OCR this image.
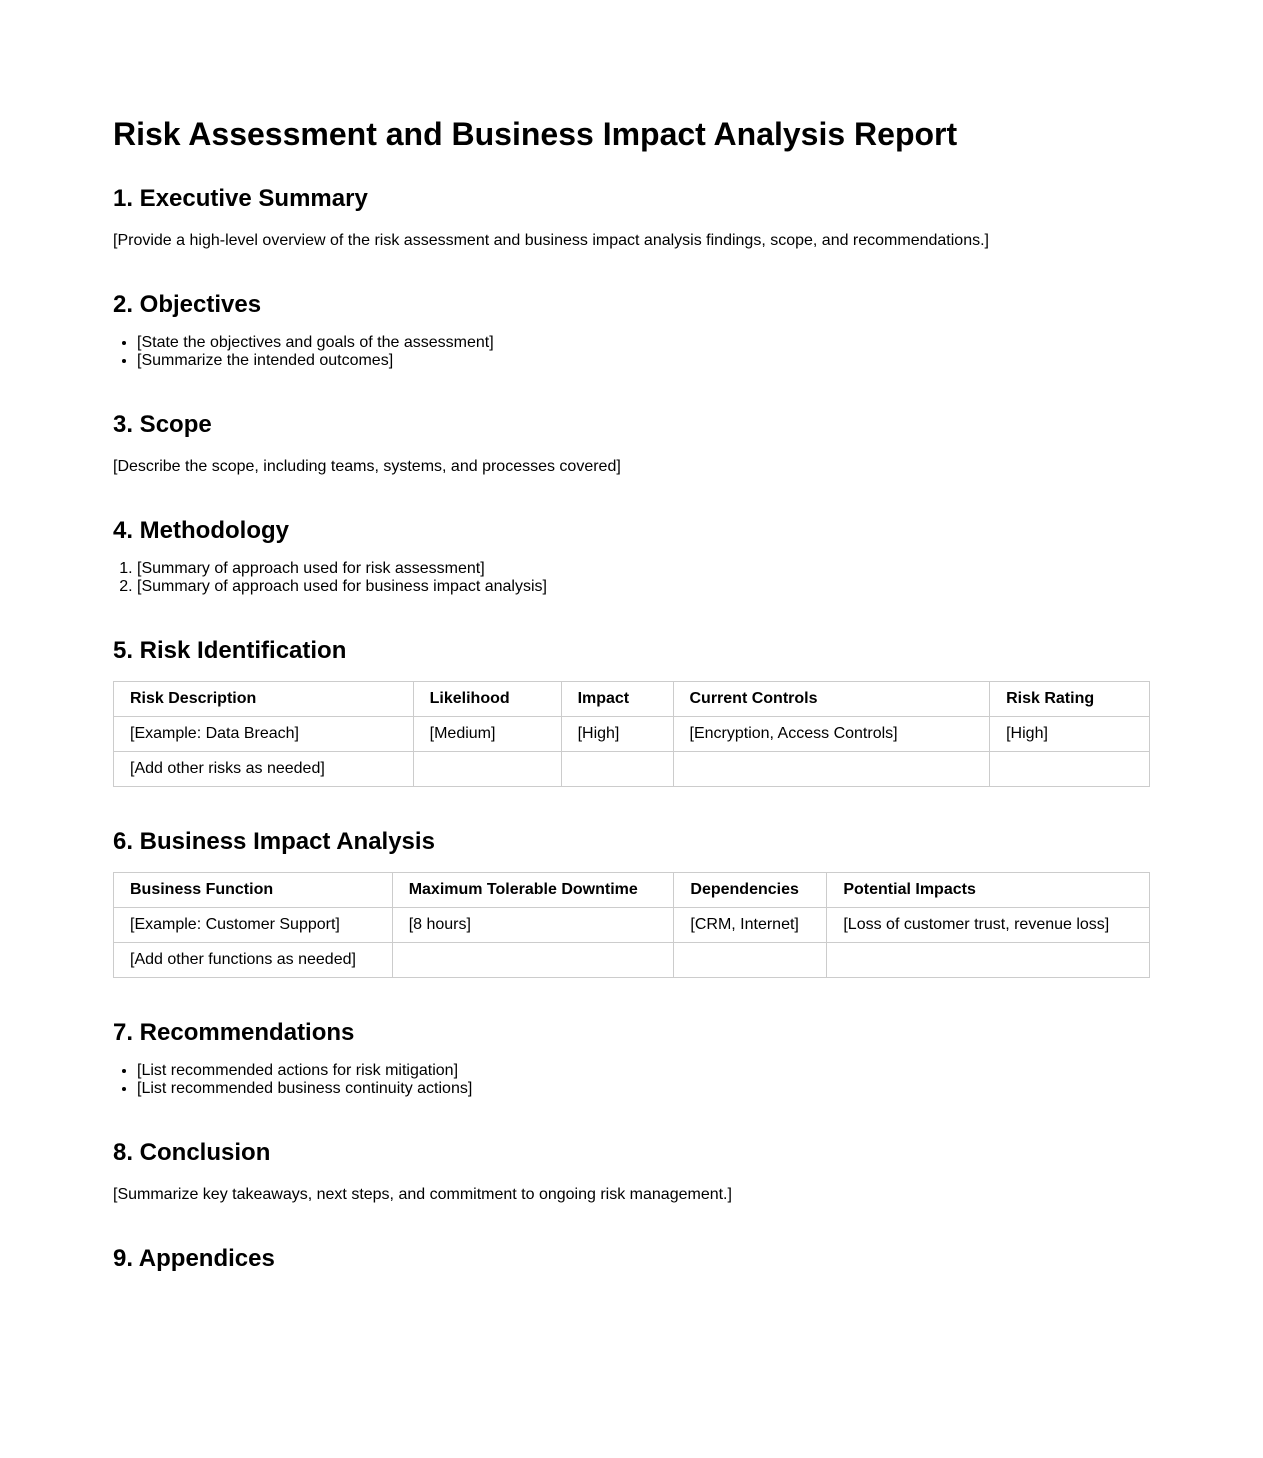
Risk Assessment and Business Impact Analysis Report
1. Executive Summary

[Provide a high-level overview of the risk assessment and business impact analysis findings, scope, and recommendations.]

2. Objectives
• [State the objectives and goals of the assessment]
• [Summarize the intended outcomes]
3. Scope

[Describe the scope, including teams, systems, and processes covered]

4. Methodology
1. [Summary of approach used for risk assessment]
2. [Summary of approach used for business impact analysis]
5. Risk Identification
Risk Description	Likelihood	Impact	Current Controls	Risk Rating
[Example: Data Breach]	[Medium]	[High]	[Encryption, Access Controls]	[High]
[Add other risks as needed]				
6. Business Impact Analysis
Business Function	Maximum Tolerable Downtime	Dependencies	Potential Impacts
[Example: Customer Support]	[8 hours]	[CRM, Internet]	[Loss of customer trust, revenue loss]
[Add other functions as needed]			
7. Recommendations
• [List recommended actions for risk mitigation]
• [List recommended business continuity actions]
8. Conclusion

[Summarize key takeaways, next steps, and commitment to ongoing risk management.]

9. Appendices
